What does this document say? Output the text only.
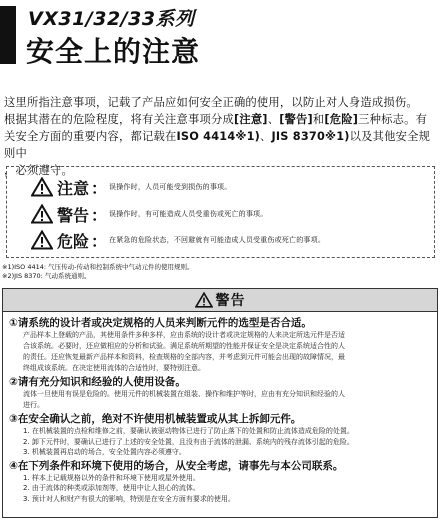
VX31/32/33系列
安全上的注意
这里所指注意事项，记载了产品应如何安全正确的使用，以防止对人身造成损伤。
根据其潜在的危险程度，将有关注意事项分成[注意]、[警告]和[危险]三种标志。有
关安全方面的重要内容，都记载在ISO 4414※1)、JIS 8370※1)以及其他安全规则中
，必须遵守。
注意 ： 误操作时，人员可能受到损伤的事项。
警告 ： 误操作时，有可能造成人员受重伤或死亡的事项。
危险 ： 在紧急的危险状态，不回避就有可能造成人员受重伤或死亡的事项。
※1)ISO 4414: 气压传动-传动和控制系统中气动元件的使用规则。
※2)JIS 8370: 气动系统通则。
警告
①请系统的设计者或决定规格的人员来判断元件的选型是否合适。
产品样本上登载的产品，其使用条件多种多样，应由系统的设计者或决定规格的人来决定所选元件是否适
合该系统。必要时，还应做相应的分析和试验。满足系统所期望的性能并保证安全是决定系统适合性的人
的责任。还应恢复最新产品样本和资料，检查规格的全部内容，并考虑到元件可能会出现的故障情况，最
终组成该系统。在决定使用流体的合适性时，要特别注意。
②请有充分知识和经验的人使用设备。
流体一旦使用有误是危险的。使用元件的机械装置在组装、操作和维护等时，应由有充分知识和经验的人
进行。
③在安全确认之前，绝对不许使用机械装置或从其上拆卸元件。
1. 在机械装置的点检和维修之前，要确认被驱动物体已进行了防止落下的处置和防止流体造成危险的处置。
2. 卸下元件时，要确认已进行了上述的安全处置，且没有由于流体的泄漏、系统内的残存流体引起的危险。
3. 机械装置再启动的场合，安全处置内容必须遵守。
④在下列条件和环境下使用的场合，从安全考虑，请事先与本公司联系。
1. 样本上记载规格以外的条件和环境下使用或屋外使用。
2. 由于流体的种类或添加剂等，使用中让人担心的流体。
3. 预计对人和财产有很大的影响，特别是在安全方面有要求的使用。
